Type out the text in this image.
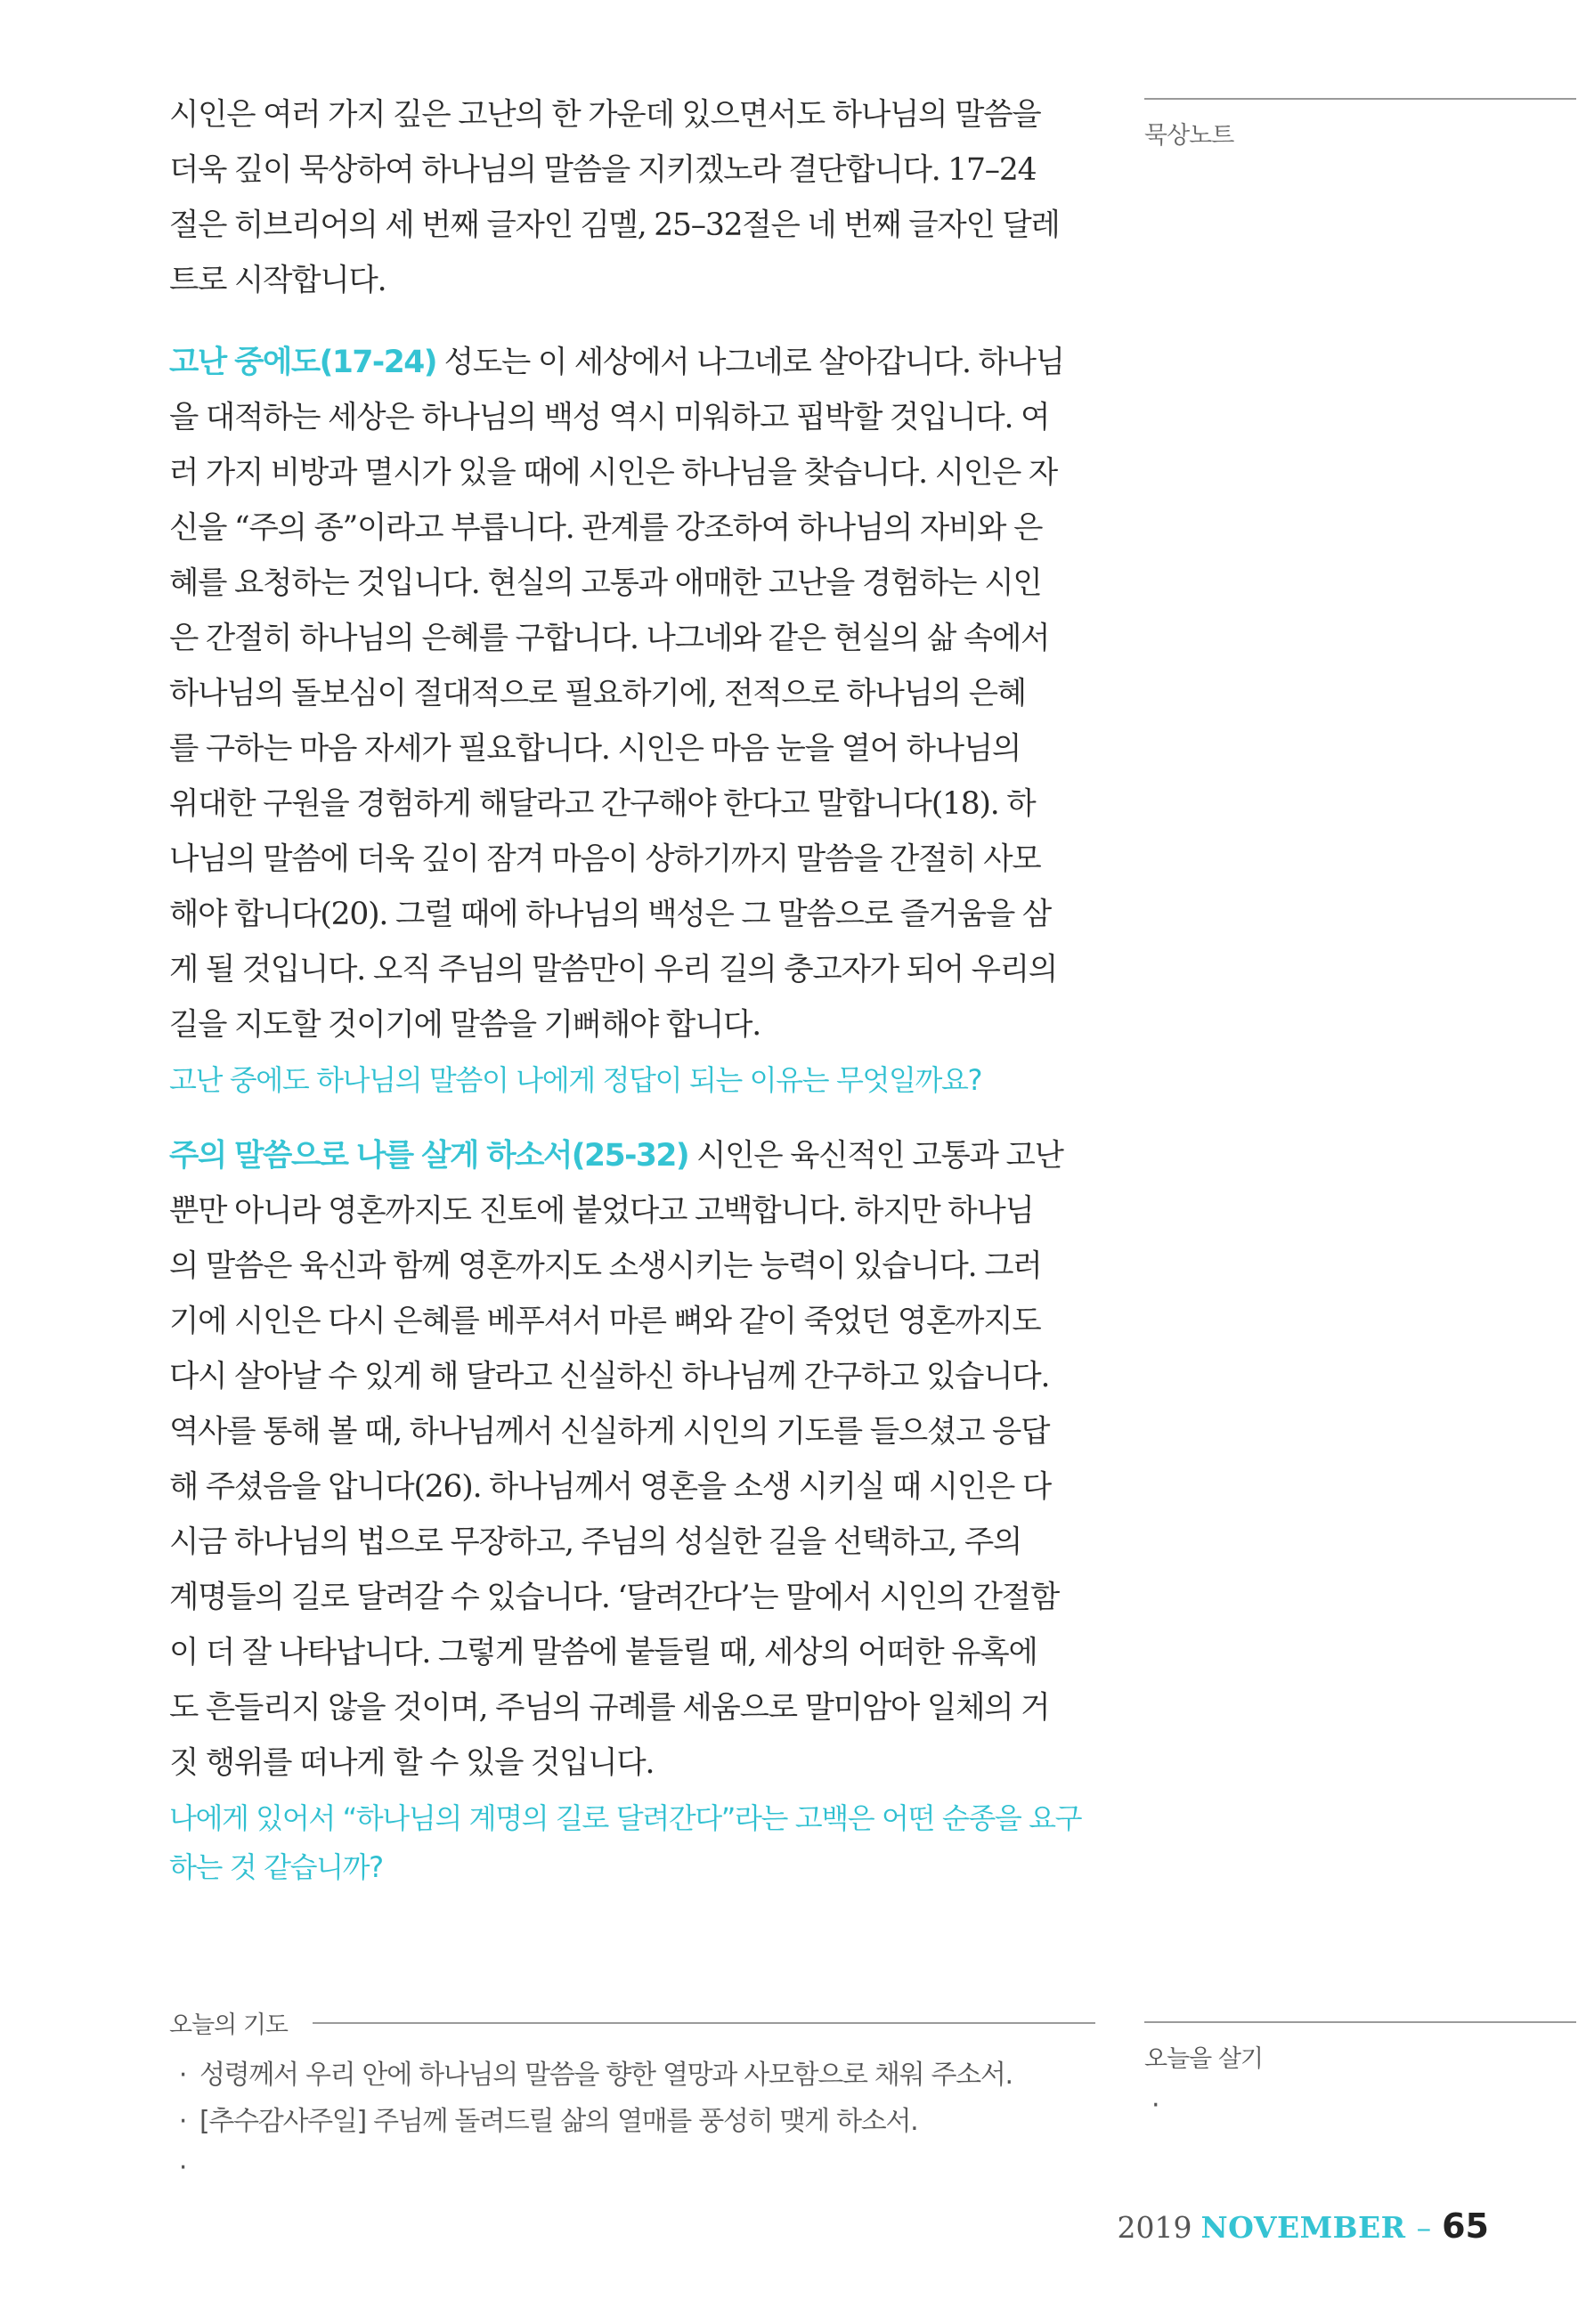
시인은 여러 가지 깊은 고난의 한 가운데 있으면서도 하나님의 말씀을
더욱 깊이 묵상하여 하나님의 말씀을 지키겠노라 결단합니다. 17–24
절은 히브리어의 세 번째 글자인 김멜, 25–32절은 네 번째 글자인 달레
트로 시작합니다.

고난 중에도(17-24) 성도는 이 세상에서 나그네로 살아갑니다. 하나님
을 대적하는 세상은 하나님의 백성 역시 미워하고 핍박할 것입니다. 여
러 가지 비방과 멸시가 있을 때에 시인은 하나님을 찾습니다. 시인은 자
신을 “주의 종”이라고 부릅니다. 관계를 강조하여 하나님의 자비와 은
혜를 요청하는 것입니다. 현실의 고통과 애매한 고난을 경험하는 시인
은 간절히 하나님의 은혜를 구합니다. 나그네와 같은 현실의 삶 속에서
하나님의 돌보심이 절대적으로 필요하기에, 전적으로 하나님의 은혜
를 구하는 마음 자세가 필요합니다. 시인은 마음 눈을 열어 하나님의
위대한 구원을 경험하게 해달라고 간구해야 한다고 말합니다(18). 하
나님의 말씀에 더욱 깊이 잠겨 마음이 상하기까지 말씀을 간절히 사모
해야 합니다(20). 그럴 때에 하나님의 백성은 그 말씀으로 즐거움을 삼
게 될 것입니다. 오직 주님의 말씀만이 우리 길의 충고자가 되어 우리의
길을 지도할 것이기에 말씀을 기뻐해야 합니다.

고난 중에도 하나님의 말씀이 나에게 정답이 되는 이유는 무엇일까요?

주의 말씀으로 나를 살게 하소서(25-32) 시인은 육신적인 고통과 고난
뿐만 아니라 영혼까지도 진토에 붙었다고 고백합니다. 하지만 하나님
의 말씀은 육신과 함께 영혼까지도 소생시키는 능력이 있습니다. 그러
기에 시인은 다시 은혜를 베푸셔서 마른 뼈와 같이 죽었던 영혼까지도
다시 살아날 수 있게 해 달라고 신실하신 하나님께 간구하고 있습니다.
역사를 통해 볼 때, 하나님께서 신실하게 시인의 기도를 들으셨고 응답
해 주셨음을 압니다(26). 하나님께서 영혼을 소생 시키실 때 시인은 다
시금 하나님의 법으로 무장하고, 주님의 성실한 길을 선택하고, 주의
계명들의 길로 달려갈 수 있습니다. ‘달려간다’는 말에서 시인의 간절함
이 더 잘 나타납니다. 그렇게 말씀에 붙들릴 때, 세상의 어떠한 유혹에
도 흔들리지 않을 것이며, 주님의 규례를 세움으로 말미암아 일체의 거
짓 행위를 떠나게 할 수 있을 것입니다.

나에게 있어서 “하나님의 계명의 길로 달려간다”라는 고백은 어떤 순종을 요구
하는 것 같습니까?

묵상노트
오늘의 기도
· 성령께서 우리 안에 하나님의 말씀을 향한 열망과 사모함으로 채워 주소서.
· [추수감사주일] 주님께 돌려드릴 삶의 열매를 풍성히 맺게 하소서.
·
오늘을 살기
·
2019 NOVEMBER – 65
